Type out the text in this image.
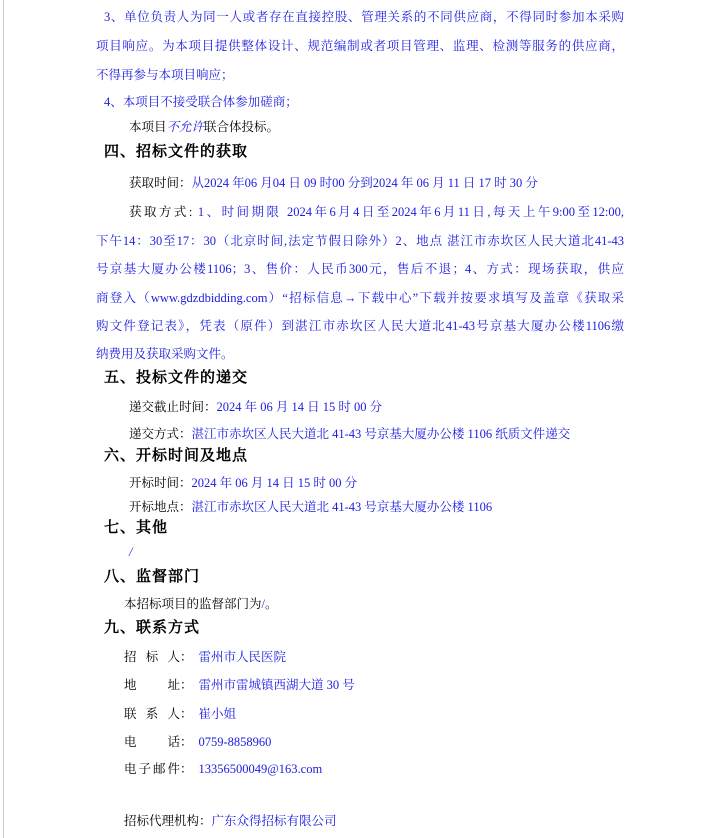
3、单位负责人为同一人或者存在直接控股、管理关系的不同供应商，不得同时参加本采购
项目响应。为本项目提供整体设计、规范编制或者项目管理、监理、检测等服务的供应商，
不得再参与本项目响应；
4、本项目不接受联合体参加磋商；
本项目不允许联合体投标。
四、招标文件的获取
获取时间：从2024 年06 月04 日 09 时00 分到2024 年 06 月 11 日 17 时 30 分
获取方式: 1、时间期限 2024年6月4日至2024年6月11日,每天上午9:00至12:00,
下午14：30至17：30（北京时间,法定节假日除外）2、地点 湛江市赤坎区人民大道北41-43
号京基大厦办公楼1106；3、售价：人民币300元，售后不退；4、方式：现场获取，供应
商登入（www.gdzdbidding.com）“招标信息→下载中心”下载并按要求填写及盖章《获取采
购文件登记表》，凭表（原件）到湛江市赤坎区人民大道北41-43号京基大厦办公楼1106缴
纳费用及获取采购文件。
五、投标文件的递交
递交截止时间：2024 年 06 月 14 日 15 时 00 分
递交方式：湛江市赤坎区人民大道北 41-43 号京基大厦办公楼 1106 纸质文件递交
六、开标时间及地点
开标时间：2024 年 06 月 14 日 15 时 00 分
开标地点：湛江市赤坎区人民大道北 41-43 号京基大厦办公楼 1106
七、其他
/
八、监督部门
本招标项目的监督部门为/。
九、联系方式
招标人： 雷州市人民医院
地址： 雷州市雷城镇西湖大道 30 号
联系人： 崔小姐
电话： 0759-8858960
电子邮件： 13356500049@163.com
招标代理机构：广东众得招标有限公司
